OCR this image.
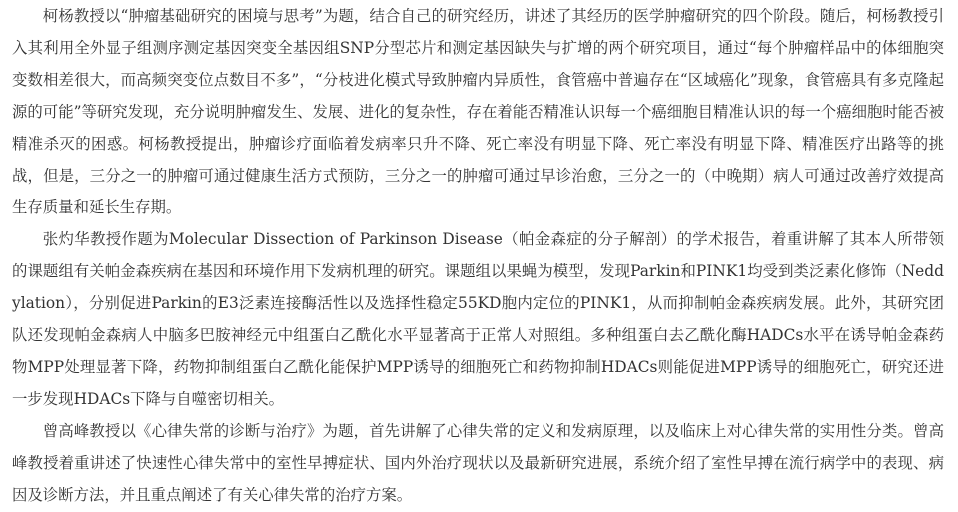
柯杨教授以“肿瘤基础研究的困境与思考”为题，结合自己的研究经历，讲述了其经历的医学肿瘤研究的四个阶段。随后，柯杨教授引入其利用全外显子组测序测定基因突变全基因组SNP分型芯片和测定基因缺失与扩增的两个研究项目，通过“每个肿瘤样品中的体细胞突变数相差很大，而高频突变位点数目不多”，“分枝进化模式导致肿瘤内异质性，食管癌中普遍存在“区域癌化”现象，食管癌具有多克隆起源的可能”等研究发现，充分说明肿瘤发生、发展、进化的复杂性，存在着能否精准认识每一个癌细胞目精准认识的每一个癌细胞时能否被精准杀灭的困惑。柯杨教授提出，肿瘤诊疗面临着发病率只升不降、死亡率没有明显下降、死亡率没有明显下降、精准医疗出路等的挑战，但是，三分之一的肿瘤可通过健康生活方式预防，三分之一的肿瘤可通过早诊治愈，三分之一的（中晚期）病人可通过改善疗效提高生存质量和延长生存期。

张灼华教授作题为Molecular Dissection of Parkinson Disease（帕金森症的分子解剖）的学术报告，着重讲解了其本人所带领的课题组有关帕金森疾病在基因和环境作用下发病机理的研究。课题组以果蝇为模型，发现Parkin和PINK1均受到类泛素化修饰（Neddylation），分别促进Parkin的E3泛素连接酶活性以及选择性稳定55KD胞内定位的PINK1，从而抑制帕金森疾病发展。此外，其研究团队还发现帕金森病人中脑多巴胺神经元中组蛋白乙酰化水平显著高于正常人对照组。多种组蛋白去乙酰化酶HADCs水平在诱导帕金森药物MPP处理显著下降，药物抑制组蛋白乙酰化能保护MPP诱导的细胞死亡和药物抑制HDACs则能促进MPP诱导的细胞死亡，研究还进一步发现HDACs下降与自噬密切相关。

曾高峰教授以《心律失常的诊断与治疗》为题，首先讲解了心律失常的定义和发病原理，以及临床上对心律失常的实用性分类。曾高峰教授着重讲述了快速性心律失常中的室性早搏症状、国内外治疗现状以及最新研究进展，系统介绍了室性早搏在流行病学中的表现、病因及诊断方法，并且重点阐述了有关心律失常的治疗方案。
